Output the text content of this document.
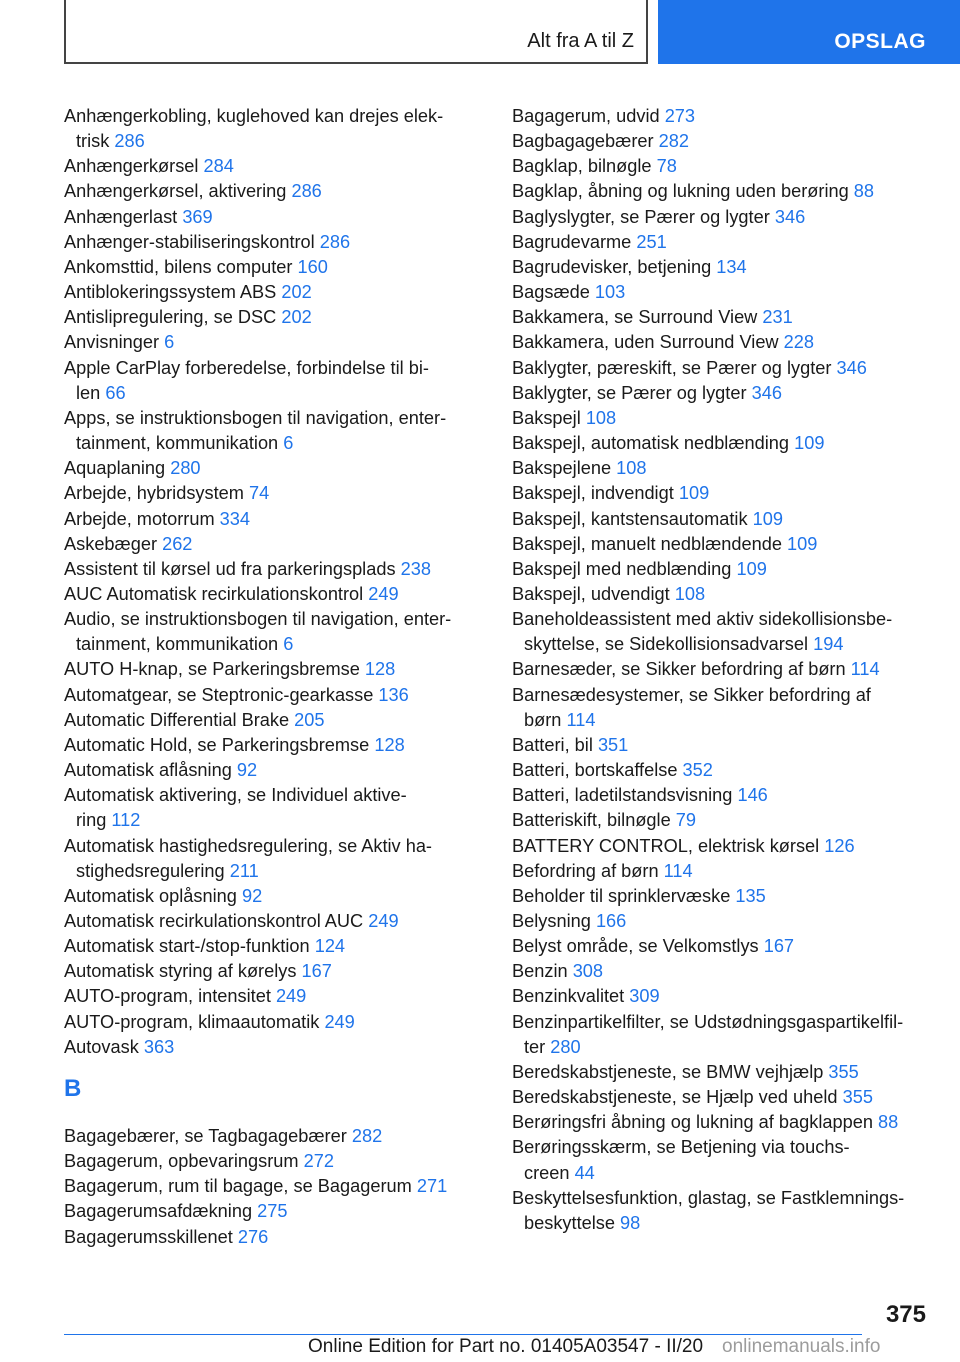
Alt fra A til Z	OPSLAG
Anhængerkobling, kuglehoved kan drejes elek-
trisk 286
Anhængerkørsel 284
Anhængerkørsel, aktivering 286
Anhængerlast 369
Anhænger-stabiliseringskontrol 286
Ankomsttid, bilens computer 160
Antiblokeringssystem ABS 202
Antislipregulering, se DSC 202
Anvisninger 6
Apple CarPlay forberedelse, forbindelse til bi-
len 66
Apps, se instruktionsbogen til navigation, enter-
tainment, kommunikation 6
Aquaplaning 280
Arbejde, hybridsystem 74
Arbejde, motorrum 334
Askebæger 262
Assistent til kørsel ud fra parkeringsplads 238
AUC Automatisk recirkulationskontrol 249
Audio, se instruktionsbogen til navigation, enter-
tainment, kommunikation 6
AUTO H-knap, se Parkeringsbremse 128
Automatgear, se Steptronic-gearkasse 136
Automatic Differential Brake 205
Automatic Hold, se Parkeringsbremse 128
Automatisk aflåsning 92
Automatisk aktivering, se Individuel aktive-
ring 112
Automatisk hastighedsregulering, se Aktiv ha-
stighedsregulering 211
Automatisk oplåsning 92
Automatisk recirkulationskontrol AUC 249
Automatisk start-/stop-funktion 124
Automatisk styring af kørelys 167
AUTO-program, intensitet 249
AUTO-program, klimaautomatik 249
Autovask 363
B
Bagagebærer, se Tagbagagebærer 282
Bagagerum, opbevaringsrum 272
Bagagerum, rum til bagage, se Bagagerum 271
Bagagerumsafdækning 275
Bagagerumsskillenet 276
Bagagerum, udvid 273
Bagbagagebærer 282
Bagklap, bilnøgle 78
Bagklap, åbning og lukning uden berøring 88
Baglyslygter, se Pærer og lygter 346
Bagrudevarme 251
Bagrudevisker, betjening 134
Bagsæde 103
Bakkamera, se Surround View 231
Bakkamera, uden Surround View 228
Baklygter, pæreskift, se Pærer og lygter 346
Baklygter, se Pærer og lygter 346
Bakspejl 108
Bakspejl, automatisk nedblænding 109
Bakspejlene 108
Bakspejl, indvendigt 109
Bakspejl, kantstensautomatik 109
Bakspejl, manuelt nedblændende 109
Bakspejl med nedblænding 109
Bakspejl, udvendigt 108
Baneholdeassistent med aktiv sidekollisionsbe-
skyttelse, se Sidekollisionsadvarsel 194
Barnesæder, se Sikker befordring af børn 114
Barnesædesystemer, se Sikker befordring af
børn 114
Batteri, bil 351
Batteri, bortskaffelse 352
Batteri, ladetilstandsvisning 146
Batteriskift, bilnøgle 79
BATTERY CONTROL, elektrisk kørsel 126
Befordring af børn 114
Beholder til sprinklervæske 135
Belysning 166
Belyst område, se Velkomstlys 167
Benzin 308
Benzinkvalitet 309
Benzinpartikelfilter, se Udstødningsgaspartikelfil-
ter 280
Beredskabstjeneste, se BMW vejhjælp 355
Beredskabstjeneste, se Hjælp ved uheld 355
Berøringsfri åbning og lukning af bagklappen 88
Berøringsskærm, se Betjening via touchs-
creen 44
Beskyttelsesfunktion, glastag, se Fastklemnings-
beskyttelse 98
375
Online Edition for Part no. 01405A03547 - II/20 onlinemanuals.info
